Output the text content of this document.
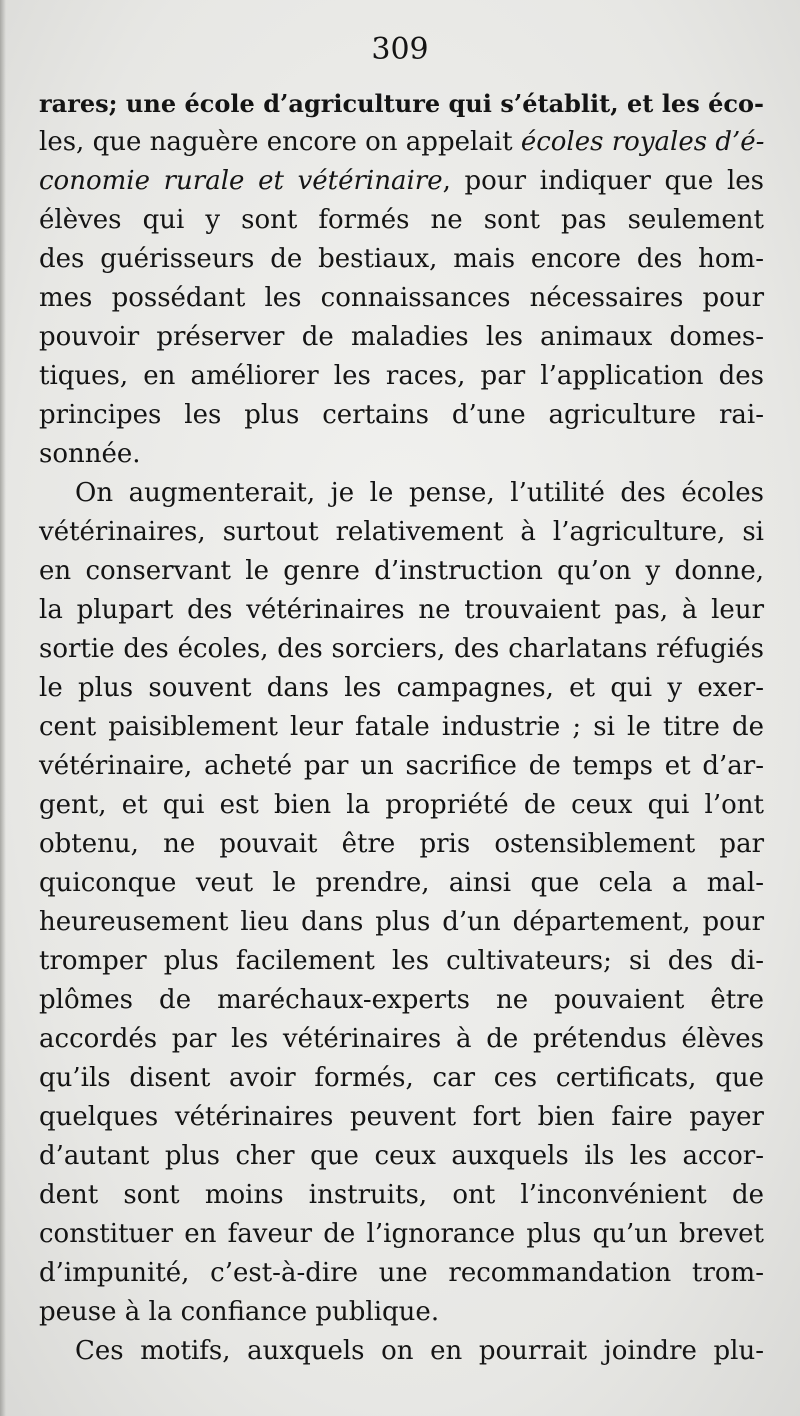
309
rares; une école d’agriculture qui s’établit, et les éco-
les, que naguère encore on appelait écoles royales d’é-
conomie rurale et vétérinaire, pour indiquer que les
élèves qui y sont formés ne sont pas seulement
des guérisseurs de bestiaux, mais encore des hom-
mes possédant les connaissances nécessaires pour
pouvoir préserver de maladies les animaux domes-
tiques, en améliorer les races, par l’application des
principes les plus certains d’une agriculture rai-
sonnée.
On augmenterait, je le pense, l’utilité des écoles
vétérinaires, surtout relativement à l’agriculture, si
en conservant le genre d’instruction qu’on y donne,
la plupart des vétérinaires ne trouvaient pas, à leur
sortie des écoles, des sorciers, des charlatans réfugiés
le plus souvent dans les campagnes, et qui y exer-
cent paisiblement leur fatale industrie ; si le titre de
vétérinaire, acheté par un sacrifice de temps et d’ar-
gent, et qui est bien la propriété de ceux qui l’ont
obtenu, ne pouvait être pris ostensiblement par
quiconque veut le prendre, ainsi que cela a mal-
heureusement lieu dans plus d’un département, pour
tromper plus facilement les cultivateurs; si des di-
plômes de maréchaux-experts ne pouvaient être
accordés par les vétérinaires à de prétendus élèves
qu’ils disent avoir formés, car ces certificats, que
quelques vétérinaires peuvent fort bien faire payer
d’autant plus cher que ceux auxquels ils les accor-
dent sont moins instruits, ont l’inconvénient de
constituer en faveur de l’ignorance plus qu’un brevet
d’impunité, c’est-à-dire une recommandation trom-
peuse à la confiance publique.
Ces motifs, auxquels on en pourrait joindre plu-
